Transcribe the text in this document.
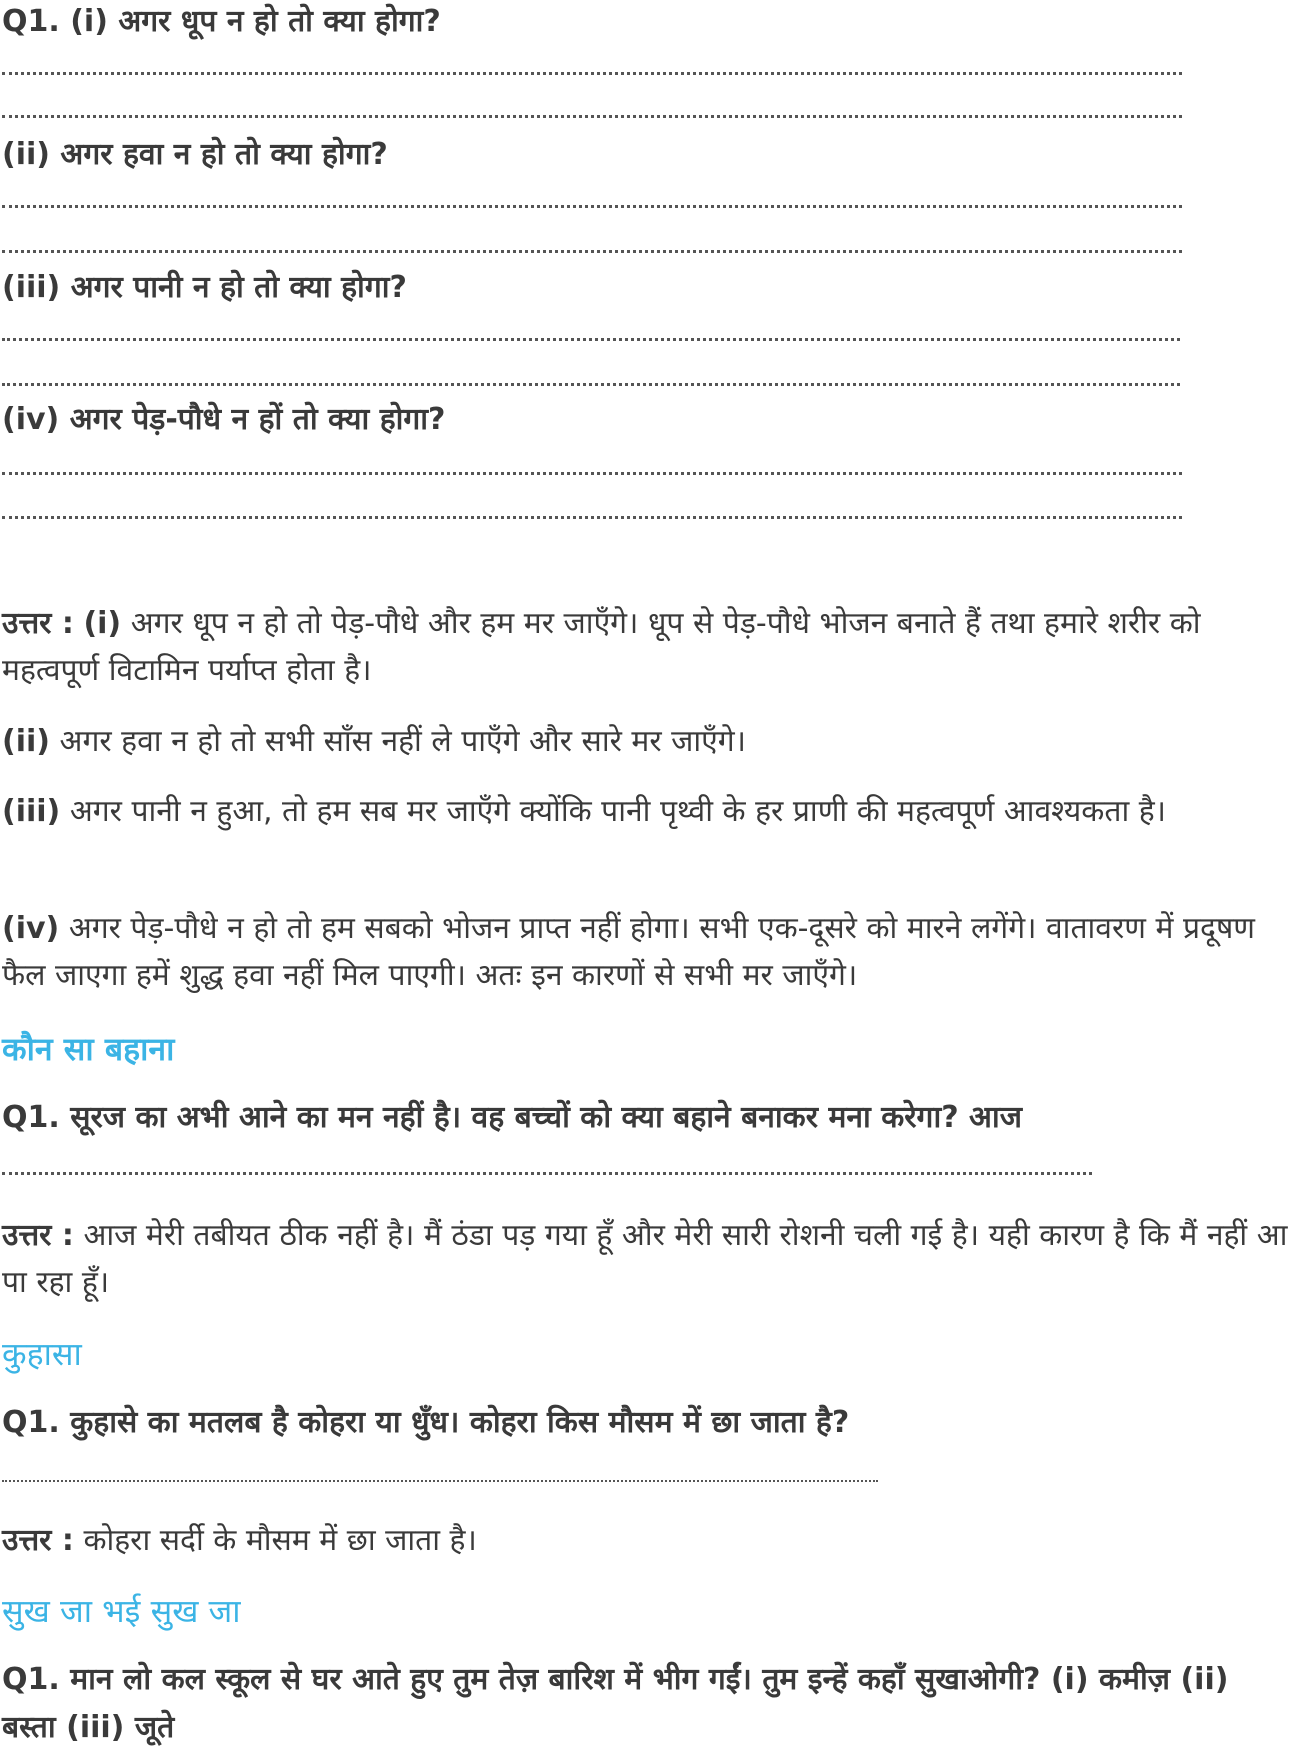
Q1. (i) अगर धूप न हो तो क्या होगा?
(ii) अगर हवा न हो तो क्या होगा?
(iii) अगर पानी न हो तो क्या होगा?
(iv) अगर पेड़-पौधे न हों तो क्या होगा?
उत्तर : (i) अगर धूप न हो तो पेड़-पौधे और हम मर जाएँगे। धूप से पेड़-पौधे भोजन बनाते हैं तथा हमारे शरीर को महत्वपूर्ण विटामिन पर्याप्त होता है।
(ii) अगर हवा न हो तो सभी साँस नहीं ले पाएँगे और सारे मर जाएँगे।
(iii) अगर पानी न हुआ, तो हम सब मर जाएँगे क्योंकि पानी पृथ्वी के हर प्राणी की महत्वपूर्ण आवश्यकता है।
(iv) अगर पेड़-पौधे न हो तो हम सबको भोजन प्राप्त नहीं होगा। सभी एक-दूसरे को मारने लगेंगे। वातावरण में प्रदूषण फैल जाएगा हमें शुद्ध हवा नहीं मिल पाएगी। अतः इन कारणों से सभी मर जाएँगे।
कौन सा बहाना
Q1. सूरज का अभी आने का मन नहीं है। वह बच्चों को क्या बहाने बनाकर मना करेगा? आज
उत्तर : आज मेरी तबीयत ठीक नहीं है। मैं ठंडा पड़ गया हूँ और मेरी सारी रोशनी चली गई है। यही कारण है कि मैं नहीं आ पा रहा हूँ।
कुहासा
Q1. कुहासे का मतलब है कोहरा या धुँध। कोहरा किस मौसम में छा जाता है?
उत्तर : कोहरा सर्दी के मौसम में छा जाता है।
सुख जा भई सुख जा
Q1. मान लो कल स्कूल से घर आते हुए तुम तेज़ बारिश में भीग गईं। तुम इन्हें कहाँ सुखाओगी? (i) कमीज़ (ii) बस्ता (iii) जूते
